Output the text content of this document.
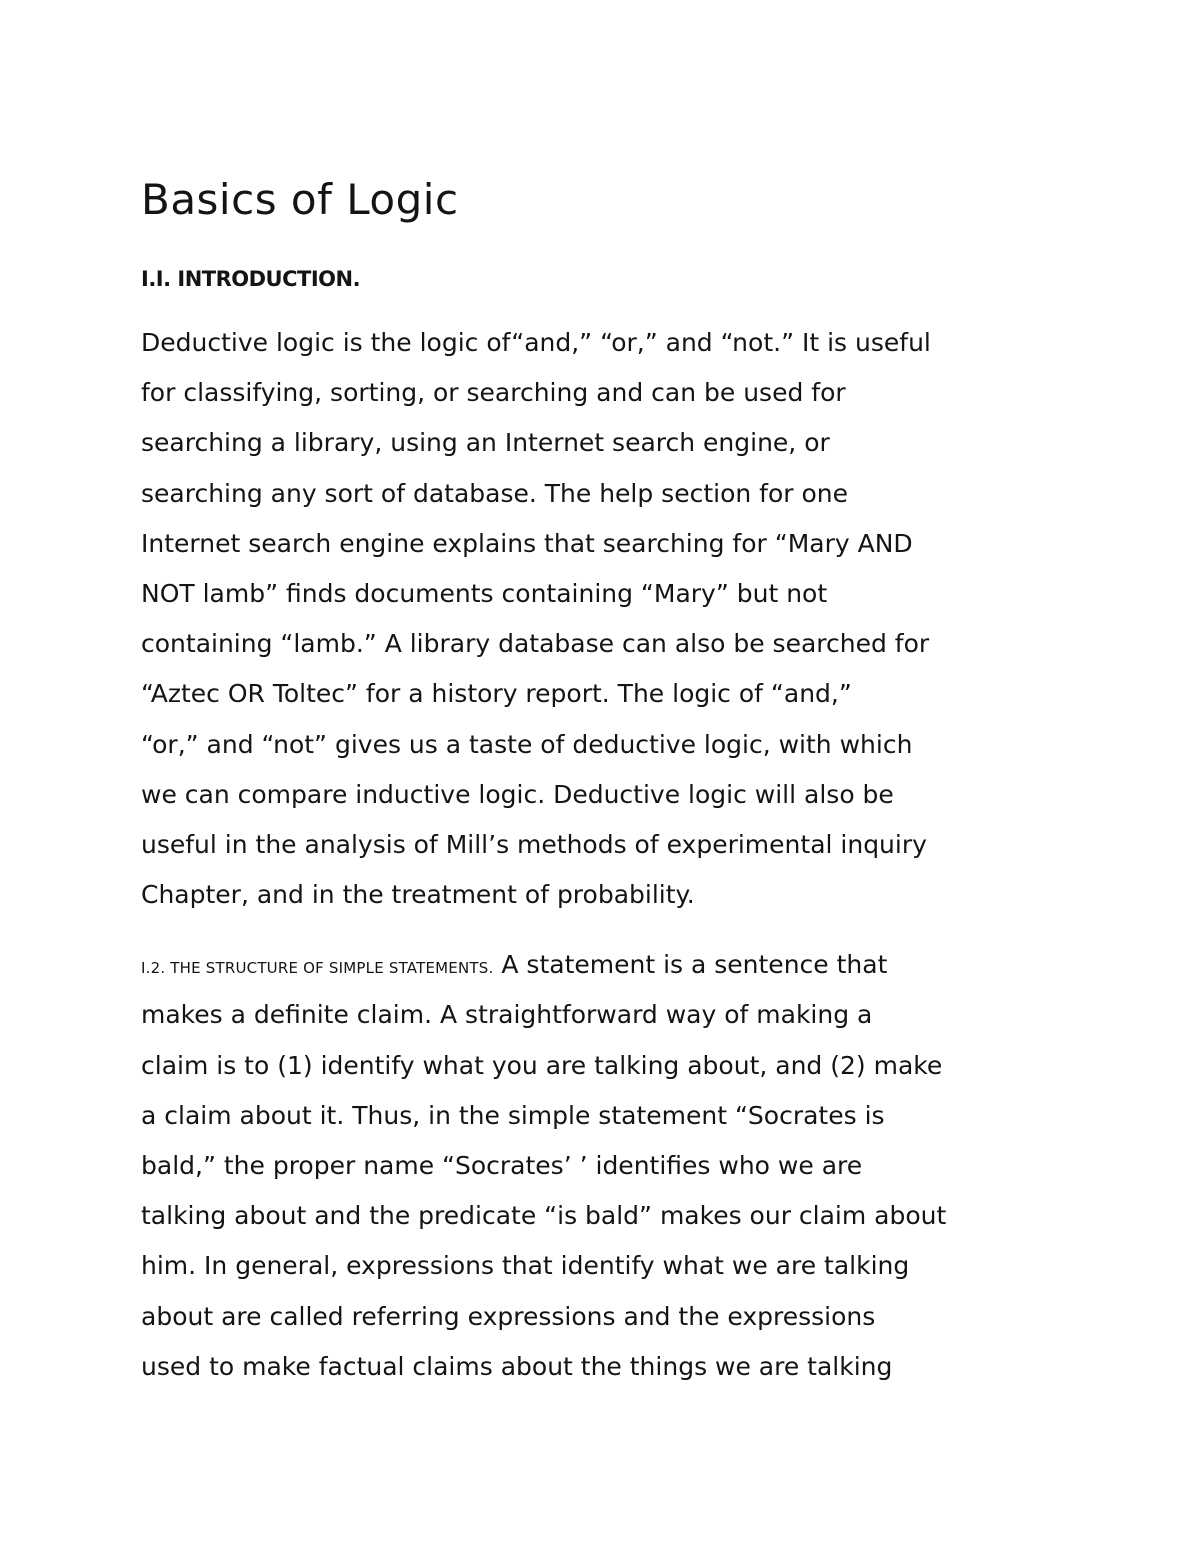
Basics of Logic
I.I. INTRODUCTION.
Deductive logic is the logic of“and,” “or,” and “not.” It is useful
for classifying, sorting, or searching and can be used for
searching a library, using an Internet search engine, or
searching any sort of database. The help section for one
Internet search engine explains that searching for “Mary AND
NOT lamb” finds documents containing “Mary” but not
containing “lamb.” A library database can also be searched for
“Aztec OR Toltec” for a history report. The logic of “and,”
“or,” and “not” gives us a taste of deductive logic, with which
we can compare inductive logic. Deductive logic will also be
useful in the analysis of Mill’s methods of experimental inquiry
Chapter, and in the treatment of probability.
I.2. THE STRUCTURE OF SIMPLE STATEMENTS. A statement is a sentence that
makes a definite claim. A straightforward way of making a
claim is to (1) identify what you are talking about, and (2) make
a claim about it. Thus, in the simple statement “Socrates is
bald,” the proper name “Socrates’ ’ identifies who we are
talking about and the predicate “is bald” makes our claim about
him. In general, expressions that identify what we are talking
about are called referring expressions and the expressions
used to make factual claims about the things we are talking
